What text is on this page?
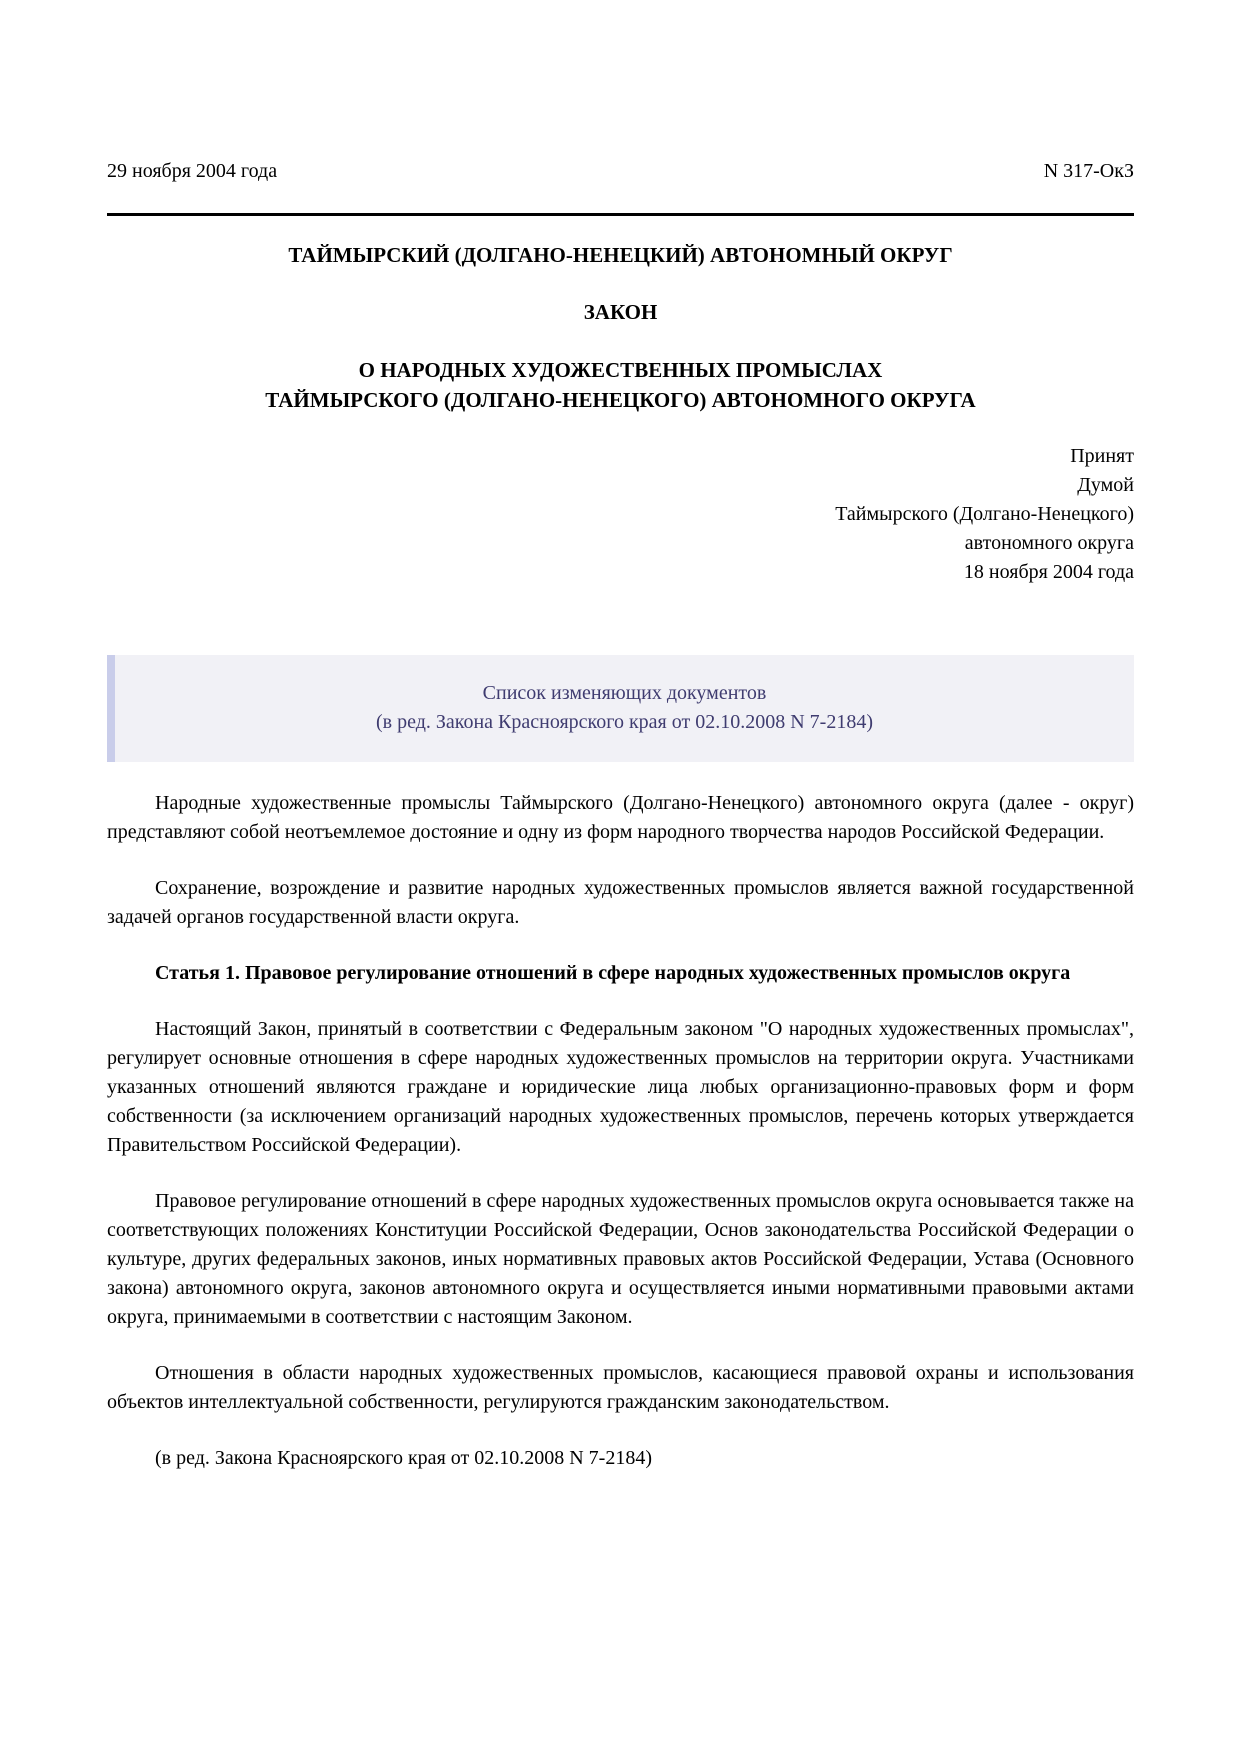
29 ноября 2004 года	N 317-ОкЗ
ТАЙМЫРСКИЙ (ДОЛГАНО-НЕНЕЦКИЙ) АВТОНОМНЫЙ ОКРУГ
ЗАКОН
О НАРОДНЫХ ХУДОЖЕСТВЕННЫХ ПРОМЫСЛАХ
ТАЙМЫРСКОГО (ДОЛГАНО-НЕНЕЦКОГО) АВТОНОМНОГО ОКРУГА
Принят
Думой
Таймырского (Долгано-Ненецкого)
автономного округа
18 ноября 2004 года
Список изменяющих документов
(в ред. Закона Красноярского края от 02.10.2008 N 7-2184)

Народные художественные промыслы Таймырского (Долгано-Ненецкого) автономного округа (далее - округ) представляют собой неотъемлемое достояние и одну из форм народного творчества народов Российской Федерации.

Сохранение, возрождение и развитие народных художественных промыслов является важной государственной задачей органов государственной власти округа.

Статья 1. Правовое регулирование отношений в сфере народных художественных промыслов округа

Настоящий Закон, принятый в соответствии с Федеральным законом "О народных художественных промыслах", регулирует основные отношения в сфере народных художественных промыслов на территории округа. Участниками указанных отношений являются граждане и юридические лица любых организационно-правовых форм и форм собственности (за исключением организаций народных художественных промыслов, перечень которых утверждается Правительством Российской Федерации).

Правовое регулирование отношений в сфере народных художественных промыслов округа основывается также на соответствующих положениях Конституции Российской Федерации, Основ законодательства Российской Федерации о культуре, других федеральных законов, иных нормативных правовых актов Российской Федерации, Устава (Основного закона) автономного округа, законов автономного округа и осуществляется иными нормативными правовыми актами округа, принимаемыми в соответствии с настоящим Законом.

Отношения в области народных художественных промыслов, касающиеся правовой охраны и использования объектов интеллектуальной собственности, регулируются гражданским законодательством.

(в ред. Закона Красноярского края от 02.10.2008 N 7-2184)
